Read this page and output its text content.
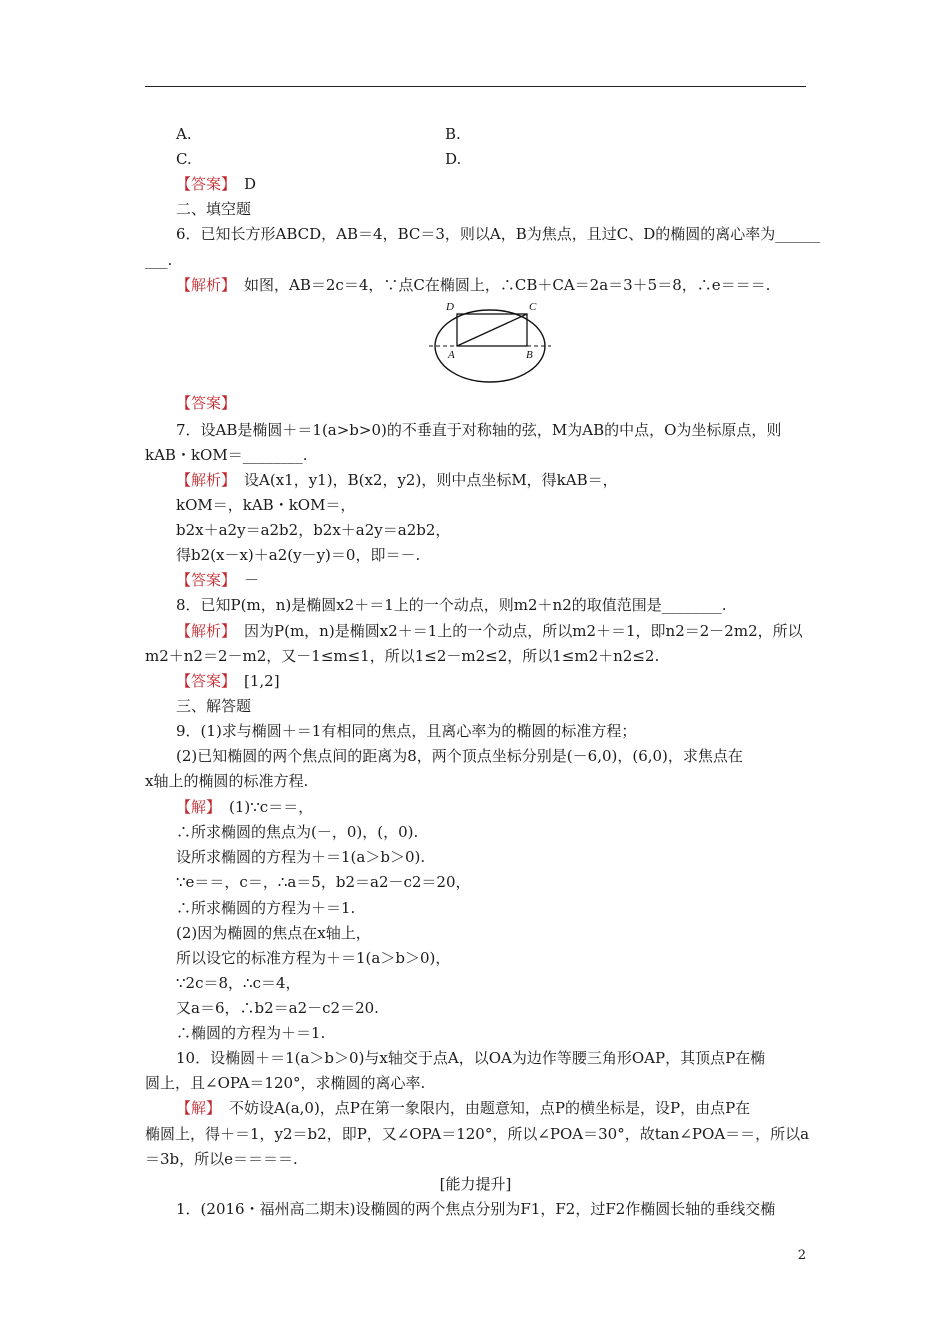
A.	B.
C.	D.
【答案】 D
二、填空题
6．已知长方形ABCD，AB＝4，BC＝3，则以A，B为焦点，且过C、D的椭圆的离心率为______
___.
【解析】 如图，AB＝2c＝4，∵点C在椭圆上，∴CB＋CA＝2a＝3＋5＝8，∴e＝＝＝.
D	C
A	B
【答案】
7．设AB是椭圆＋＝1(a>b>0)的不垂直于对称轴的弦，M为AB的中点，O为坐标原点，则
kAB・kOM＝________.
【解析】 设A(x1，y1)，B(x2，y2)，则中点坐标M，得kAB＝，
kOM＝，kAB・kOM＝，
b2x＋a2y＝a2b2，b2x＋a2y＝a2b2，
得b2(x－x)＋a2(y－y)＝0，即＝－.
【答案】 －
8．已知P(m，n)是椭圆x2＋＝1上的一个动点，则m2＋n2的取值范围是________.
【解析】 因为P(m，n)是椭圆x2＋＝1上的一个动点，所以m2＋＝1，即n2＝2－2m2，所以
m2＋n2＝2－m2，又－1≤m≤1，所以1≤2－m2≤2，所以1≤m2＋n2≤2.
【答案】 [1,2]
三、解答题
9．(1)求与椭圆＋＝1有相同的焦点，且离心率为的椭圆的标准方程；
(2)已知椭圆的两个焦点间的距离为8，两个顶点坐标分别是(－6,0)，(6,0)，求焦点在
x轴上的椭圆的标准方程.
【解】 (1)∵c＝＝，
∴所求椭圆的焦点为(－，0)，(，0).
设所求椭圆的方程为＋＝1(a＞b＞0).
∵e＝＝，c＝，∴a＝5，b2＝a2－c2＝20，
∴所求椭圆的方程为＋＝1.
(2)因为椭圆的焦点在x轴上，
所以设它的标准方程为＋＝1(a＞b＞0)，
∵2c＝8，∴c＝4，
又a＝6，∴b2＝a2－c2＝20.
∴椭圆的方程为＋＝1.
10．设椭圆＋＝1(a＞b＞0)与x轴交于点A，以OA为边作等腰三角形OAP，其顶点P在椭
圆上，且∠OPA＝120°，求椭圆的离心率.
【解】 不妨设A(a,0)，点P在第一象限内，由题意知，点P的横坐标是，设P，由点P在
椭圆上，得＋＝1，y2＝b2，即P，又∠OPA＝120°，所以∠POA＝30°，故tan∠POA＝＝，所以a
＝3b，所以e＝＝＝＝.
[能力提升]
1．(2016・福州高二期末)设椭圆的两个焦点分别为F1，F2，过F2作椭圆长轴的垂线交椭
2
